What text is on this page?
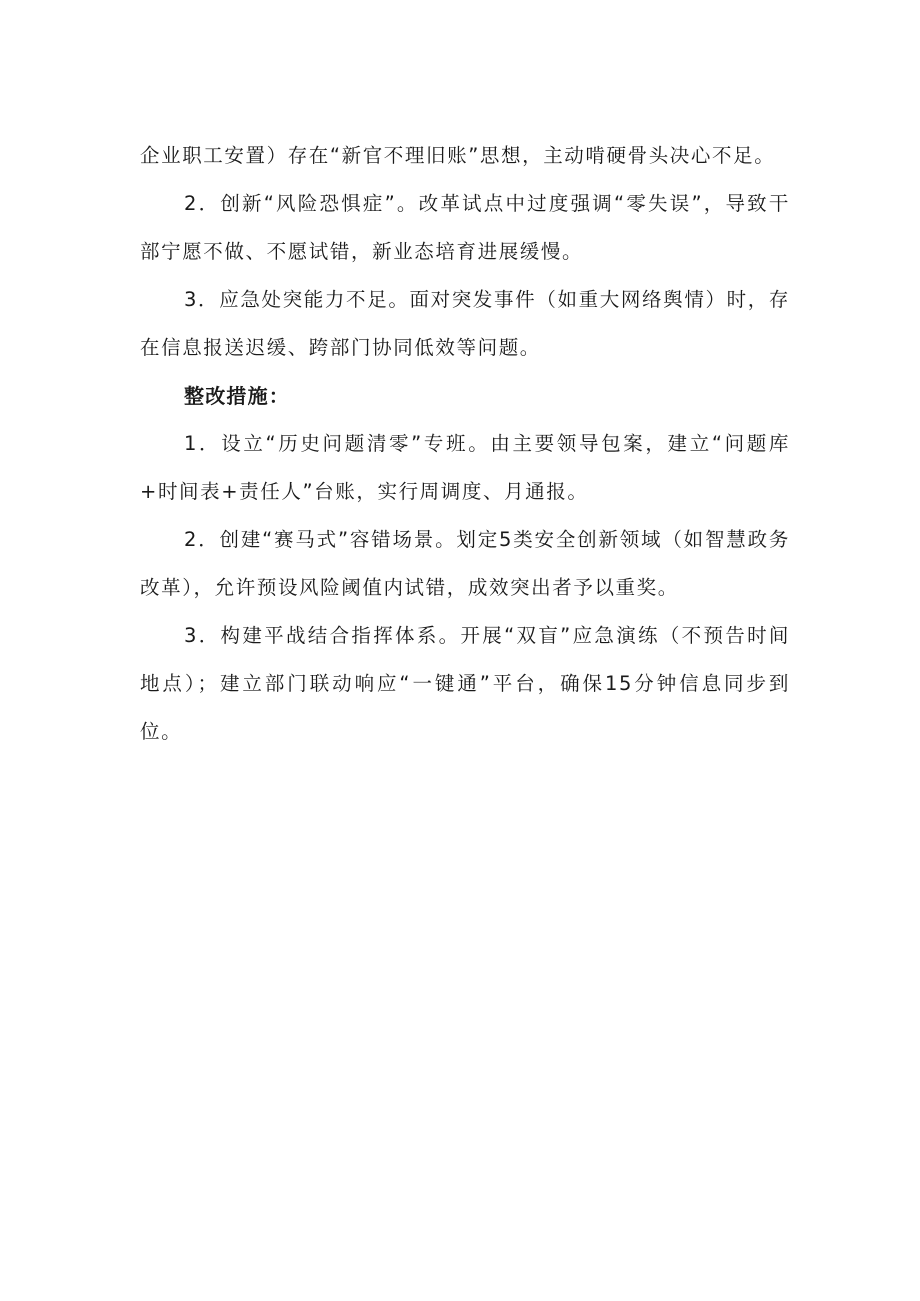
企业职工安置）存在“新官不理旧账”思想，主动啃硬骨头决心不足。

2．创新“风险恐惧症”。改革试点中过度强调“零失误”，导致干部宁愿不做、不愿试错，新业态培育进展缓慢。

3．应急处突能力不足。面对突发事件（如重大网络舆情）时，存在信息报送迟缓、跨部门协同低效等问题。

整改措施：

1．设立“历史问题清零”专班。由主要领导包案，建立“问题库+时间表+责任人”台账，实行周调度、月通报。

2．创建“赛马式”容错场景。划定5类安全创新领域（如智慧政务改革），允许预设风险阈值内试错，成效突出者予以重奖。

3．构建平战结合指挥体系。开展“双盲”应急演练（不预告时间地点）；建立部门联动响应“一键通”平台，确保15分钟信息同步到位。
